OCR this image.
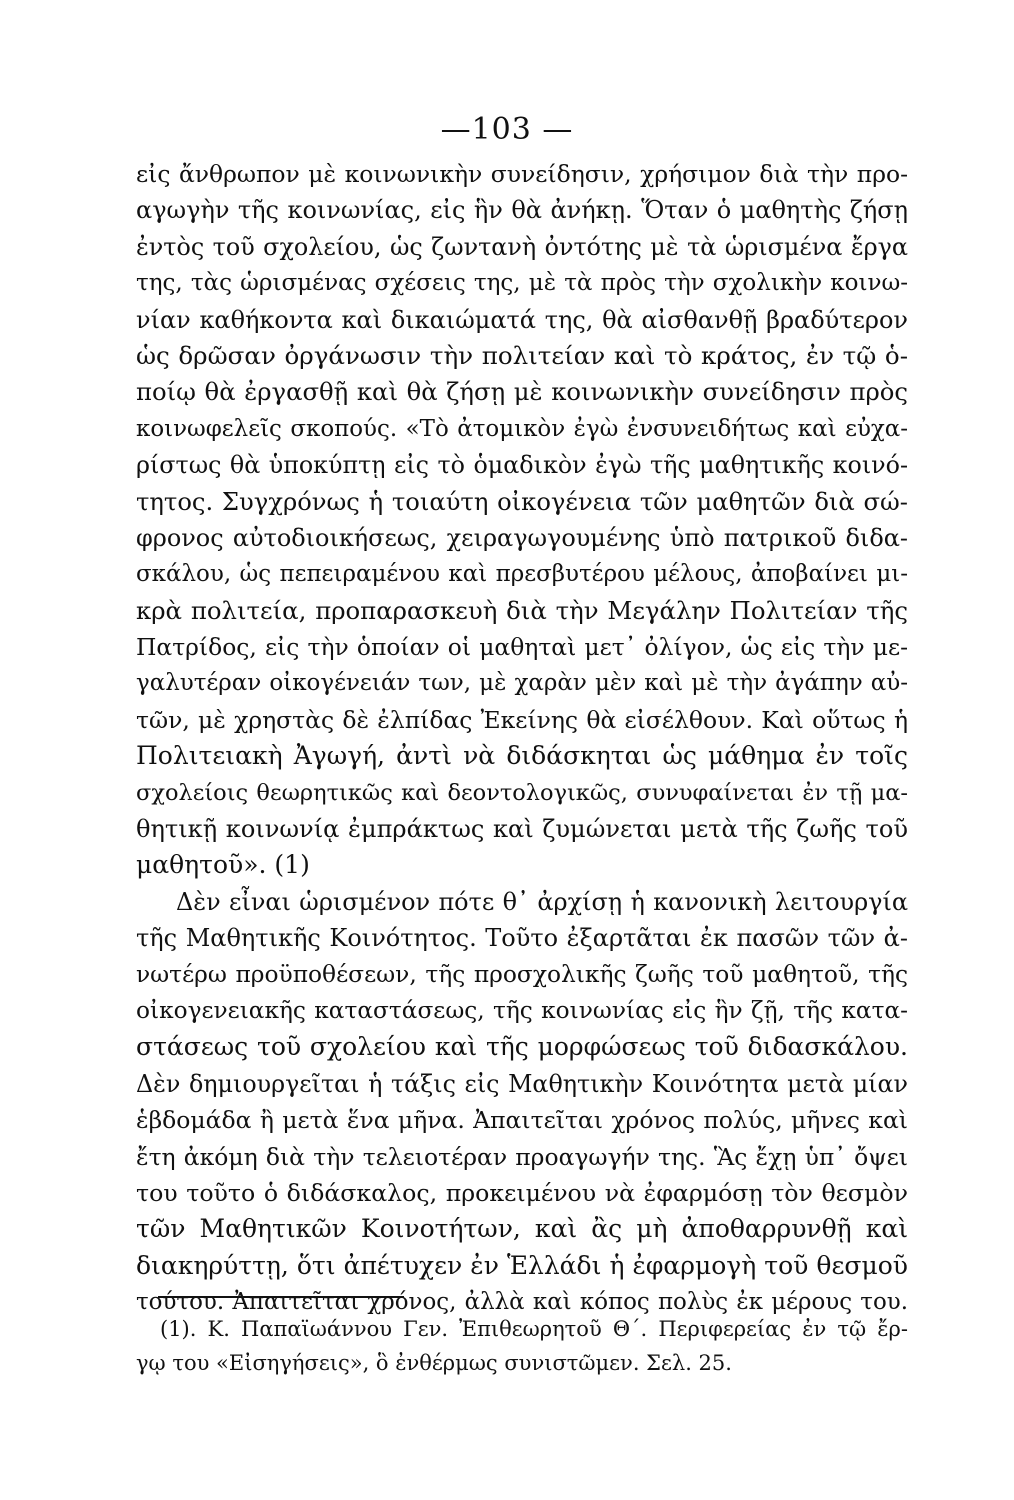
—103 —
εἰς ἄνθρωπον μὲ κοινωνικὴν συνείδησιν, χρήσιμον διὰ τὴν προ-
αγωγὴν τῆς κοινωνίας, εἰς ἣν θὰ ἀνήκῃ. Ὅταν ὁ μαθητὴς ζήσῃ
ἐντὸς τοῦ σχολείου, ὡς ζωντανὴ ὀντότης μὲ τὰ ὡρισμένα ἔργα
της, τὰς ὡρισμένας σχέσεις της, μὲ τὰ πρὸς τὴν σχολικὴν κοινω-
νίαν καθήκοντα καὶ δικαιώματά της, θὰ αἰσθανθῇ βραδύτερον
ὡς δρῶσαν ὀργάνωσιν τὴν πολιτείαν καὶ τὸ κράτος, ἐν τῷ ὁ-
ποίῳ θὰ ἐργασθῇ καὶ θὰ ζήσῃ μὲ κοινωνικὴν συνείδησιν πρὸς
κοινωφελεῖς σκοπούς. «Τὸ ἀτομικὸν ἐγὼ ἐνσυνειδήτως καὶ εὐχα-
ρίστως θὰ ὑποκύπτῃ εἰς τὸ ὁμαδικὸν ἐγὼ τῆς μαθητικῆς κοινό-
τητος. Συγχρόνως ἡ τοιαύτη οἰκογένεια τῶν μαθητῶν διὰ σώ-
φρονος αὐτοδιοικήσεως, χειραγωγουμένης ὑπὸ πατρικοῦ διδα-
σκάλου, ὡς πεπειραμένου καὶ πρεσβυτέρου μέλους, ἀποβαίνει μι-
κρὰ πολιτεία, προπαρασκευὴ διὰ τὴν Μεγάλην Πολιτείαν τῆς
Πατρίδος, εἰς τὴν ὁποίαν οἱ μαθηταὶ μετ᾽ ὀλίγον, ὡς εἰς τὴν με-
γαλυτέραν οἰκογένειάν των, μὲ χαρὰν μὲν καὶ μὲ τὴν ἀγάπην αὐ-
τῶν, μὲ χρηστὰς δὲ ἐλπίδας Ἐκείνης θὰ εἰσέλθουν. Καὶ οὕτως ἡ
Πολιτειακὴ Ἀγωγή, ἀντὶ νὰ διδάσκηται ὡς μάθημα ἐν τοῖς
σχολείοις θεωρητικῶς καὶ δεοντολογικῶς, συνυφαίνεται ἐν τῇ μα-
θητικῇ κοινωνίᾳ ἐμπράκτως καὶ ζυμώνεται μετὰ τῆς ζωῆς τοῦ
μαθητοῦ». (1)
Δὲν εἶναι ὡρισμένον πότε θ᾽ ἀρχίσῃ ἡ κανονικὴ λειτουργία
τῆς Μαθητικῆς Κοινότητος. Τοῦτο ἐξαρτᾶται ἐκ πασῶν τῶν ἀ-
νωτέρω προϋποθέσεων, τῆς προσχολικῆς ζωῆς τοῦ μαθητοῦ, τῆς
οἰκογενειακῆς καταστάσεως, τῆς κοινωνίας εἰς ἣν ζῇ, τῆς κατα-
στάσεως τοῦ σχολείου καὶ τῆς μορφώσεως τοῦ διδασκάλου.
Δὲν δημιουργεῖται ἡ τάξις εἰς Μαθητικὴν Κοινότητα μετὰ μίαν
ἑβδομάδα ἢ μετὰ ἕνα μῆνα. Ἀπαιτεῖται χρόνος πολύς, μῆνες καὶ
ἔτη ἀκόμη διὰ τὴν τελειοτέραν προαγωγήν της. Ἃς ἔχῃ ὑπ᾽ ὄψει
του τοῦτο ὁ διδάσκαλος, προκειμένου νὰ ἐφαρμόσῃ τὸν θεσμὸν
τῶν Μαθητικῶν Κοινοτήτων, καὶ ἂς μὴ ἀποθαρρυνθῇ καὶ
διακηρύττῃ, ὅτι ἀπέτυχεν ἐν Ἑλλάδι ἡ ἐφαρμογὴ τοῦ θεσμοῦ
τούτου. Ἀπαιτεῖται χρόνος, ἀλλὰ καὶ κόπος πολὺς ἐκ μέρους του.
(1). Κ. Παπαϊωάννου Γεν. Ἐπιθεωρητοῦ Θ΄. Περιφερείας ἐν τῷ ἔρ-
γῳ του «Εἰσηγήσεις», ὃ ἐνθέρμως συνιστῶμεν. Σελ. 25.
